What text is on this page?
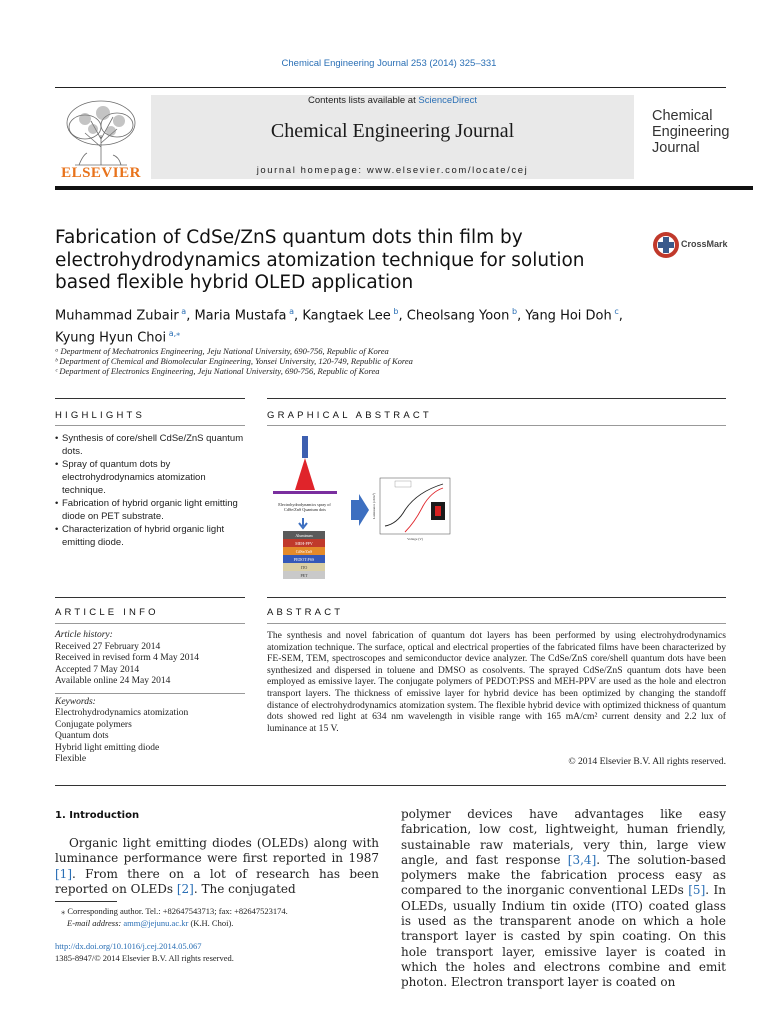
Chemical Engineering Journal 253 (2014) 325–331
ELSEVIER
Contents lists available at ScienceDirect
Chemical Engineering Journal
journal homepage: www.elsevier.com/locate/cej
Chemical
Engineering
Journal
Fabrication of CdSe/ZnS quantum dots thin film by electrohydrodynamics atomization technique for solution based flexible hybrid OLED application
CrossMark
Muhammad Zubair  $^a$, Maria Mustafa  $^a$, Kangtaek Lee  $^b$, Cheolsang Yoon  $^b$, Yang Hoi Doh  $^c$,
Kyung Hyun Choi  $^{a,⁎}$
ᵃ Department of Mechatronics Engineering, Jeju National University, 690-756, Republic of Korea
ᵇ Department of Chemical and Biomolecular Engineering, Yonsei University, 120-749, Republic of Korea
ᶜ Department of Electronics Engineering, Jeju National University, 690-756, Republic of Korea
HIGHLIGHTS	GRAPHICAL ABSTRACT
• Synthesis of core/shell CdSe/ZnS quantum dots.
• Spray of quantum dots by electrohydrodynamics atomization technique.
• Fabrication of hybrid organic light emitting diode on PET substrate.
• Characterization of hybrid organic light emitting diode.
Electrohydrodynamics spray of CdSe/ZnS Quantum dots
Aluminum
MEH-PPV
CdSe/ZnS
PEDOT:PSS
ITO
PET
Luminance (cd/m²)
Voltage (V)
ARTICLE INFO	ABSTRACT
Article history:
Received 27 February 2014
Received in revised form 4 May 2014
Accepted 7 May 2014
Available online 24 May 2014
Keywords:
Electrohydrodynamics atomization
Conjugate polymers
Quantum dots
Hybrid light emitting diode
Flexible
The synthesis and novel fabrication of quantum dot layers has been performed by using electrohydrodynamics atomization technique. The surface, optical and electrical properties of the fabricated films have been characterized by FE-SEM, TEM, spectroscopes and semiconductor device analyzer. The CdSe/ZnS core/shell quantum dots have been synthesized and dispersed in toluene and DMSO as cosolvents. The sprayed CdSe/ZnS quantum dots have been employed as emissive layer. The conjugate polymers of PEDOT:PSS and MEH-PPV are used as the hole and electron transport layers. The thickness of emissive layer for hybrid device has been optimized by changing the standoff distance of electrohydrodynamics atomization system. The flexible hybrid device with optimized thickness of quantum dots showed red light at 634 nm wavelength in visible range with 165 mA/cm² current density and 2.2 lux of luminance at 15 V.
© 2014 Elsevier B.V. All rights reserved.
1. Introduction
Organic light emitting diodes (OLEDs) along with luminance performance were first reported in 1987 [1]. From there on a lot of research has been reported on OLEDs [2]. The conjugated
polymer devices have advantages like easy fabrication, low cost, lightweight, human friendly, sustainable raw materials, very thin, large view angle, and fast response [3,4]. The solution-based polymers make the fabrication process easy as compared to the inorganic conventional LEDs [5]. In OLEDs, usually Indium tin oxide (ITO) coated glass is used as the transparent anode on which a hole transport layer is casted by spin coating. On this hole transport layer, emissive layer is coated in which the holes and electrons combine and emit photon. Electron transport layer is coated on
⁎ Corresponding author. Tel.: +82647543713; fax: +82647523174.
E-mail address: amm@jejunu.ac.kr (K.H. Choi).
http://dx.doi.org/10.1016/j.cej.2014.05.067
1385-8947/© 2014 Elsevier B.V. All rights reserved.
